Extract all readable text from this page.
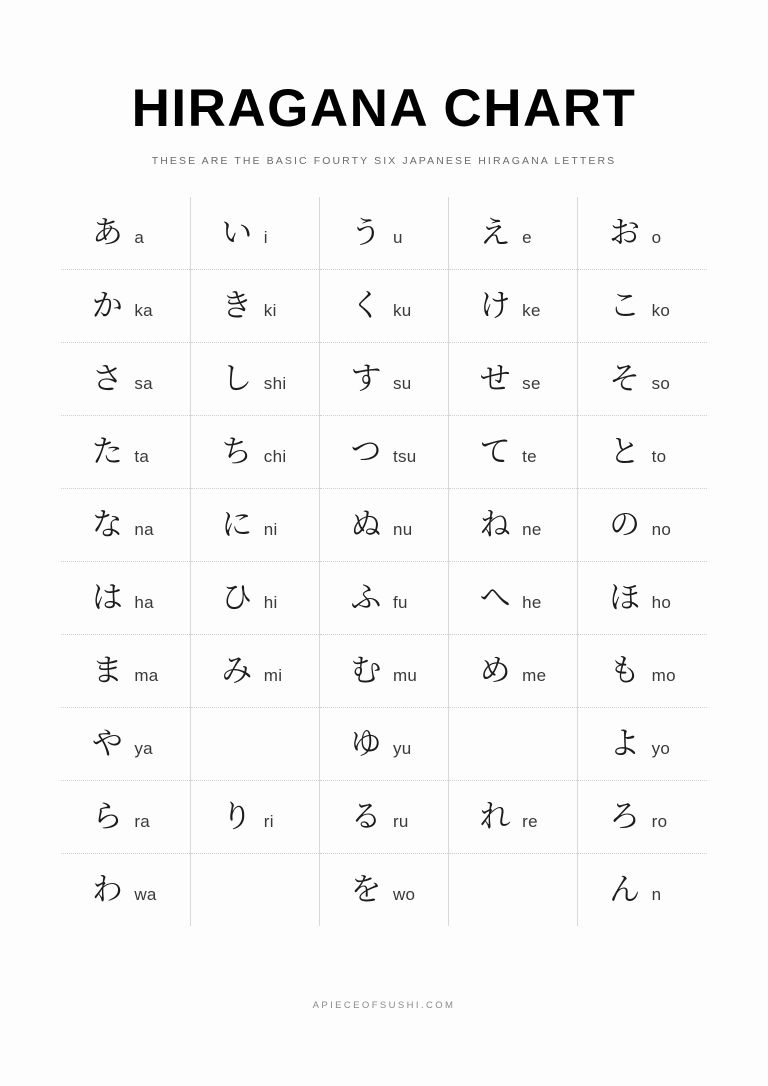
HIRAGANA CHART
THESE ARE THE BASIC FOURTY SIX JAPANESE HIRAGANA LETTERS
あ a	い i	う u	え e	お o

か ka	き ki	く ku	け ke	こ ko

さ sa	し shi	す su	せ se	そ so

た ta	ち chi	つ tsu	て te	と to

な na	に ni	ぬ nu	ね ne	の no

は ha	ひ hi	ふ fu	へ he	ほ ho

ま ma	み mi	む mu	め me	も mo

や ya		ゆ yu		よ yo

ら ra	り ri	る ru	れ re	ろ ro

わ wa		を wo		ん n
APIECEOFSUSHI.COM
